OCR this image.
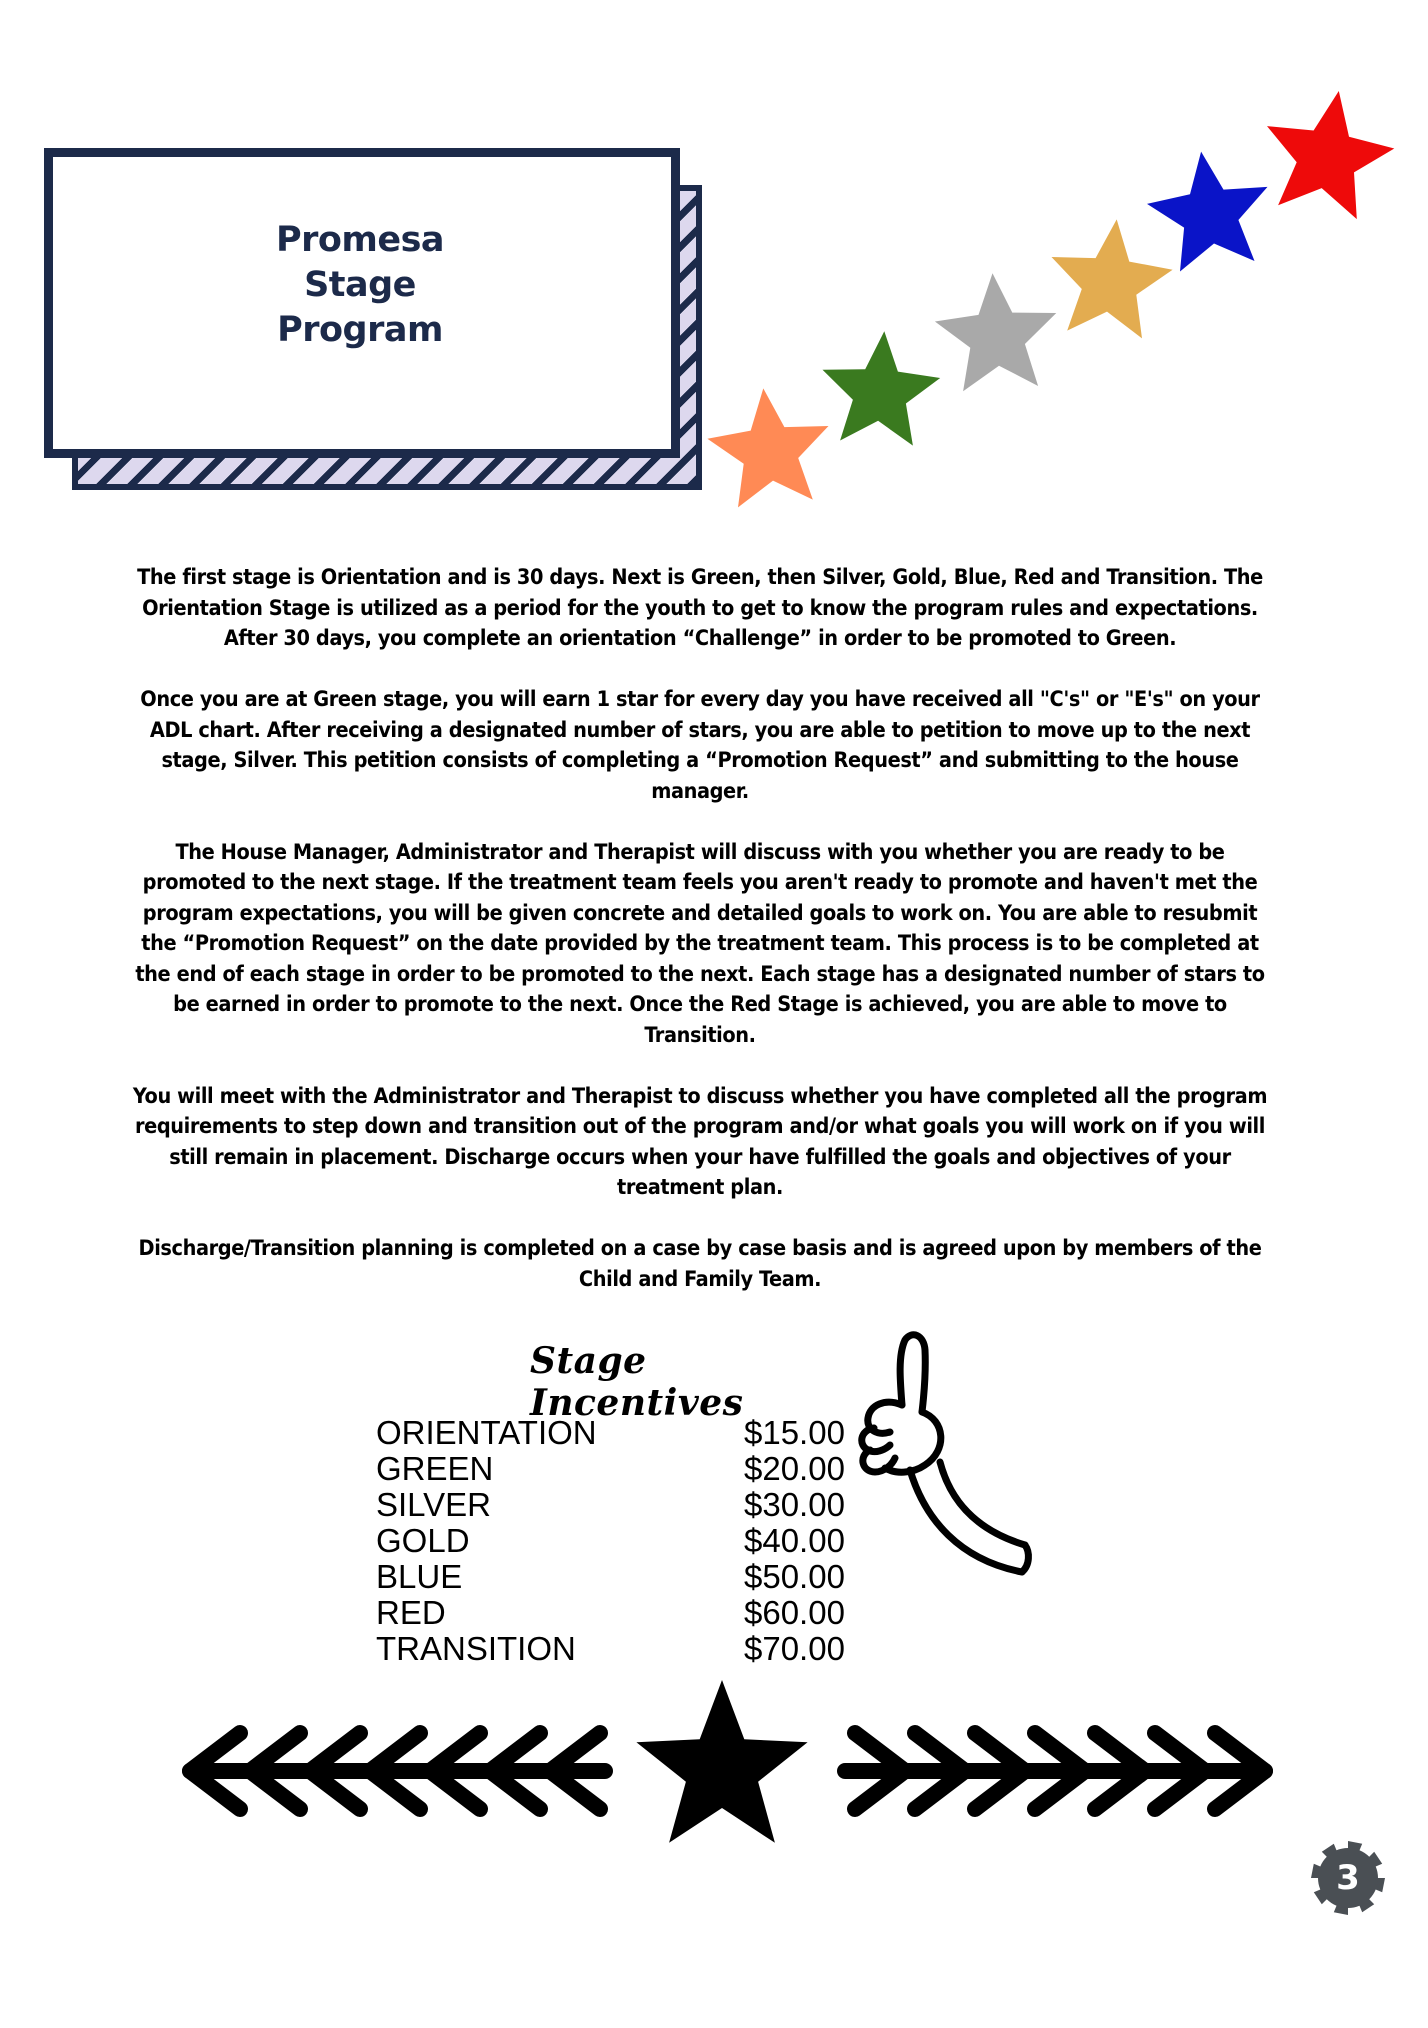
Promesa
Stage
Program

The first stage is Orientation and is 30 days. Next is Green, then Silver, Gold, Blue, Red and Transition. The Orientation Stage is utilized as a period for the youth to get to know the program rules and expectations. After 30 days, you complete an orientation “Challenge” in order to be promoted to Green.

Once you are at Green stage, you will earn 1 star for every day you have received all "C's" or "E's" on your ADL chart. After receiving a designated number of stars, you are able to petition to move up to the next stage, Silver. This petition consists of completing a “Promotion Request” and submitting to the house manager.

The House Manager, Administrator and Therapist will discuss with you whether you are ready to be promoted to the next stage. If the treatment team feels you aren't ready to promote and haven't met the program expectations, you will be given concrete and detailed goals to work on. You are able to resubmit the “Promotion Request” on the date provided by the treatment team. This process is to be completed at the end of each stage in order to be promoted to the next. Each stage has a designated number of stars to be earned in order to promote to the next. Once the Red Stage is achieved, you are able to move to Transition.

You will meet with the Administrator and Therapist to discuss whether you have completed all the program requirements to step down and transition out of the program and/or what goals you will work on if you will still remain in placement. Discharge occurs when your have fulfilled the goals and objectives of your treatment plan.

Discharge/Transition planning is completed on a case by case basis and is agreed upon by members of the Child and Family Team.

Stage Incentives
ORIENTATION	$15.00
GREEN	$20.00
SILVER	$30.00
GOLD	$40.00
BLUE	$50.00
RED	$60.00
TRANSITION	$70.00
3
